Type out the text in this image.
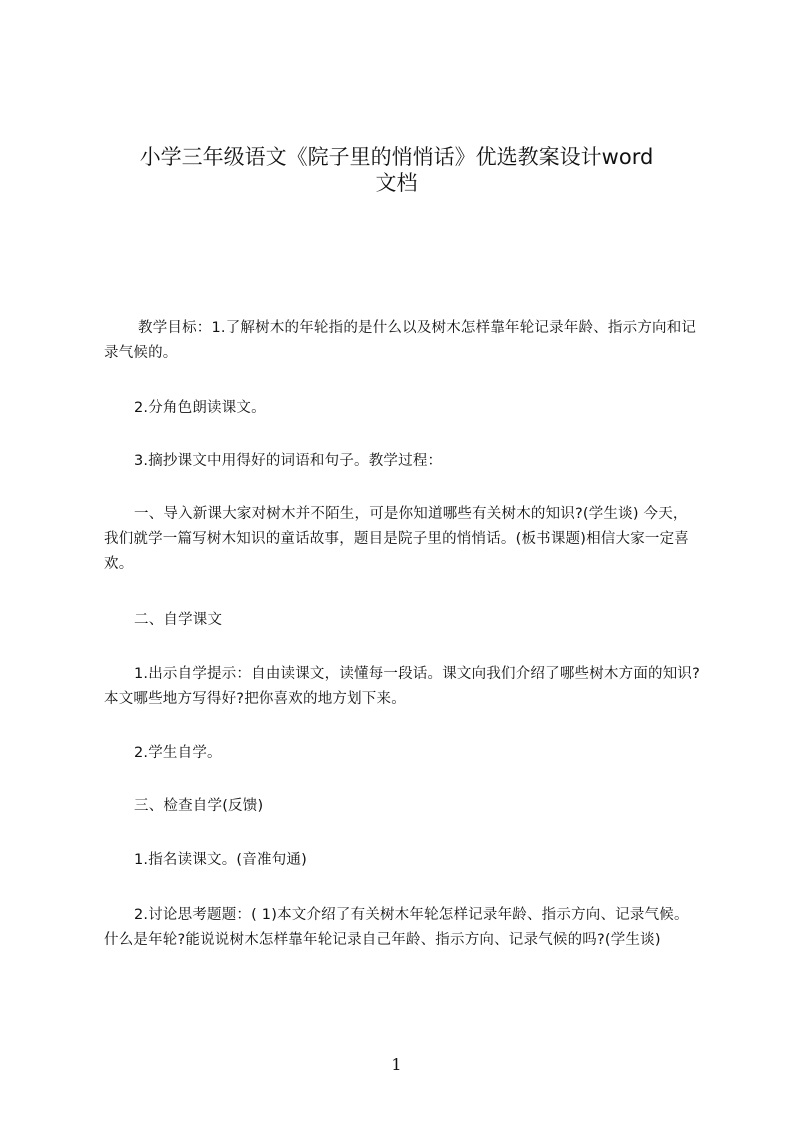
小学三年级语文《院子里的悄悄话》优选教案设计word
文档
教学目标：1.了解树木的年轮指的是什么以及树木怎样靠年轮记录年龄、指示方向和记录气候的。
2.分角色朗读课文。
3.摘抄课文中用得好的词语和句子。教学过程：
一、导入新课大家对树木并不陌生，可是你知道哪些有关树木的知识?(学生谈) 今天，我们就学一篇写树木知识的童话故事，题目是院子里的悄悄话。(板书课题)相信大家一定喜欢。
二、自学课文
1.出示自学提示：自由读课文，读懂每一段话。课文向我们介绍了哪些树木方面的知识?本文哪些地方写得好?把你喜欢的地方划下来。
2.学生自学。
三、检查自学(反馈)
1.指名读课文。(音准句通)
2.讨论思考题题：( 1)本文介绍了有关树木年轮怎样记录年龄、指示方向、记录气候。什么是年轮?能说说树木怎样靠年轮记录自己年龄、指示方向、记录气候的吗?(学生谈)
1
